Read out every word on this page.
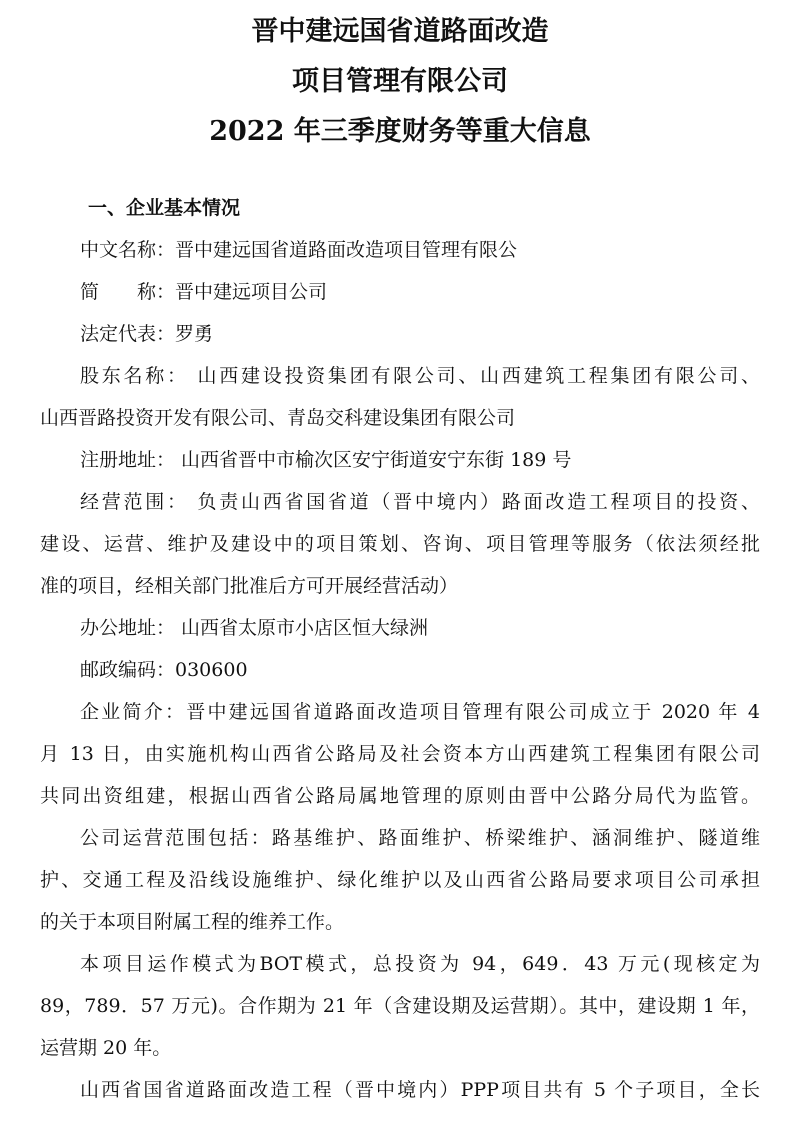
晋中建远国省道路面改造
项目管理有限公司
2022 年三季度财务等重大信息
一、企业基本情况
中文名称：晋中建远国省道路面改造项目管理有限公
简　　称：晋中建远项目公司
法定代表：罗勇
股东名称： 山西建设投资集团有限公司、山西建筑工程集团有限公司、
山西晋路投资开发有限公司、青岛交科建设集团有限公司
注册地址： 山西省晋中市榆次区安宁街道安宁东街 189 号
经营范围： 负责山西省国省道（晋中境内）路面改造工程项目的投资、
建设、运营、维护及建设中的项目策划、咨询、项目管理等服务（依法须经批
准的项目，经相关部门批准后方可开展经营活动）
办公地址： 山西省太原市小店区恒大绿洲
邮政编码：030600
企业简介：晋中建远国省道路面改造项目管理有限公司成立于 2020 年 4
月 13 日，由实施机构山西省公路局及社会资本方山西建筑工程集团有限公司
共同出资组建，根据山西省公路局属地管理的原则由晋中公路分局代为监管。
公司运营范围包括：路基维护、路面维护、桥梁维护、涵洞维护、隧道维
护、交通工程及沿线设施维护、绿化维护以及山西省公路局要求项目公司承担
的关于本项目附属工程的维养工作。
本项目运作模式为BOT模式，总投资为 94，649．43 万元(现核定为
89，789．57 万元)。合作期为 21 年（含建设期及运营期）。其中，建设期 1 年，
运营期 20 年。
山西省国省道路面改造工程（晋中境内）PPP项目共有 5 个子项目，全长
